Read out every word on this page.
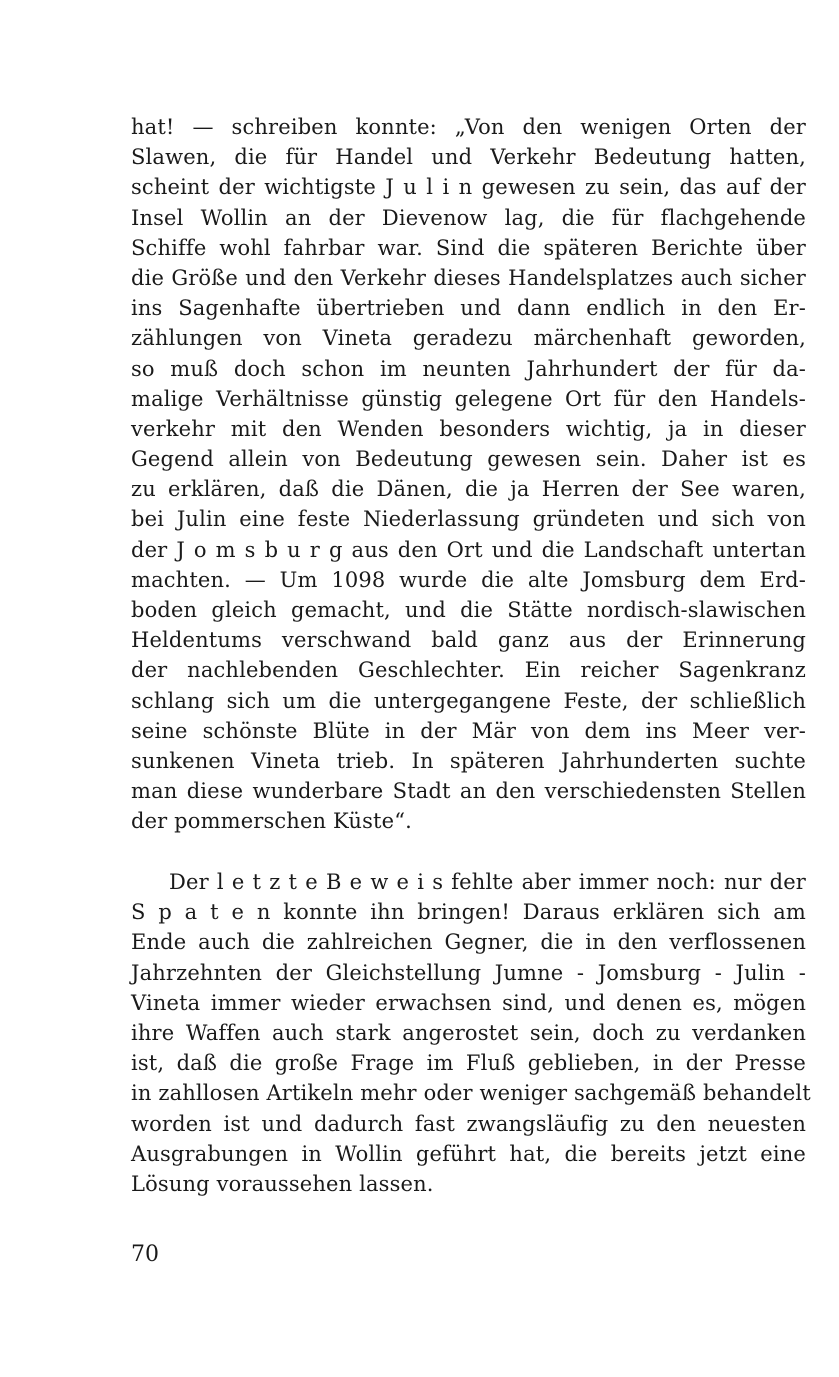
hat! — schreiben konnte: „Von den wenigen Orten der
Slawen, die für Handel und Verkehr Bedeutung hatten,
scheint der wichtigste J u l i n gewesen zu sein, das auf der
Insel Wollin an der Dievenow lag, die für flachgehende
Schiffe wohl fahrbar war. Sind die späteren Berichte über
die Größe und den Verkehr dieses Handelsplatzes auch sicher
ins Sagenhafte übertrieben und dann endlich in den Er-
zählungen von Vineta geradezu märchenhaft geworden,
so muß doch schon im neunten Jahrhundert der für da-
malige Verhältnisse günstig gelegene Ort für den Handels-
verkehr mit den Wenden besonders wichtig, ja in dieser
Gegend allein von Bedeutung gewesen sein. Daher ist es
zu erklären, daß die Dänen, die ja Herren der See waren,
bei Julin eine feste Niederlassung gründeten und sich von
der J o m s b u r g aus den Ort und die Landschaft untertan
machten. — Um 1098 wurde die alte Jomsburg dem Erd-
boden gleich gemacht, und die Stätte nordisch-slawischen
Heldentums verschwand bald ganz aus der Erinnerung
der nachlebenden Geschlechter. Ein reicher Sagenkranz
schlang sich um die untergegangene Feste, der schließlich
seine schönste Blüte in der Mär von dem ins Meer ver-
sunkenen Vineta trieb. In späteren Jahrhunderten suchte
man diese wunderbare Stadt an den verschiedensten Stellen
der pommerschen Küste“.
Der l e t z t e B e w e i s fehlte aber immer noch: nur der
S p a t e n konnte ihn bringen! Daraus erklären sich am
Ende auch die zahlreichen Gegner, die in den verflossenen
Jahrzehnten der Gleichstellung Jumne - Jomsburg - Julin -
Vineta immer wieder erwachsen sind, und denen es, mögen
ihre Waffen auch stark angerostet sein, doch zu verdanken
ist, daß die große Frage im Fluß geblieben, in der Presse
in zahllosen Artikeln mehr oder weniger sachgemäß behandelt
worden ist und dadurch fast zwangsläufig zu den neuesten
Ausgrabungen in Wollin geführt hat, die bereits jetzt eine
Lösung voraussehen lassen.
70
